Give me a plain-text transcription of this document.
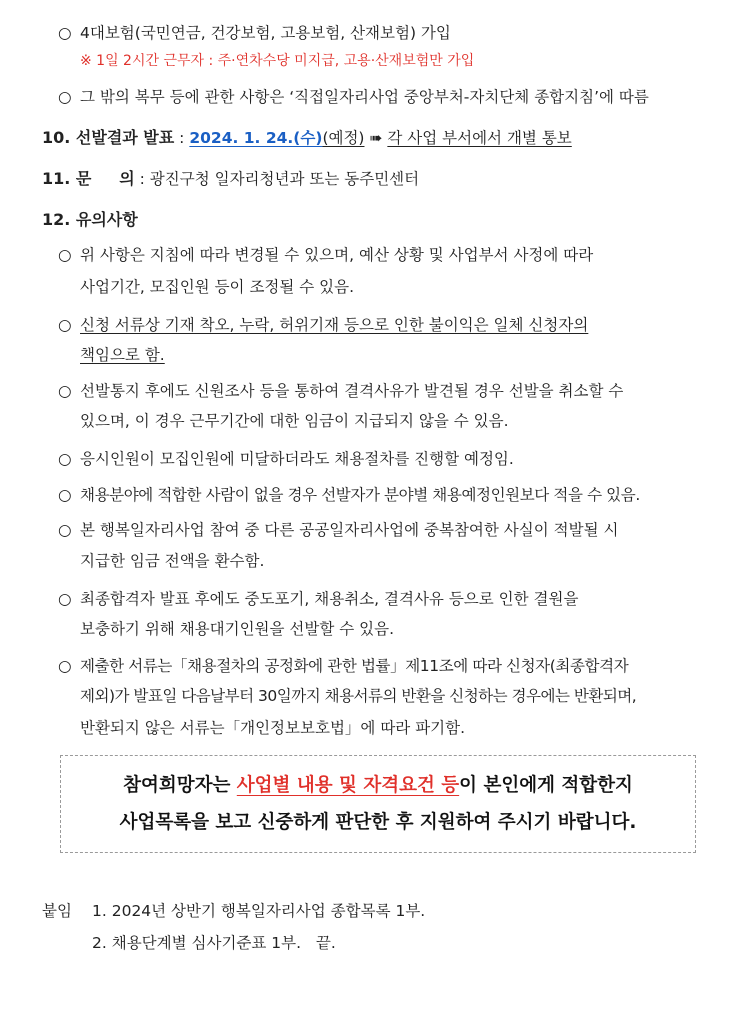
○ 4대보험(국민연금, 건강보험, 고용보험, 산재보험) 가입
※ 1일 2시간 근무자 : 주·연차수당 미지급, 고용·산재보험만 가입
○ 그 밖의 복무 등에 관한 사항은 ‘직접일자리사업 중앙부처-자치단체 종합지침’에 따름
10. 선발결과 발표 : 2024. 1. 24.(수)(예정) ➠ 각 사업 부서에서 개별 통보
11. 문     의 : 광진구청 일자리청년과 또는 동주민센터
12. 유의사항
○ 위 사항은 지침에 따라 변경될 수 있으며, 예산 상황 및 사업부서 사정에 따라
사업기간, 모집인원 등이 조정될 수 있음.
○ 신청 서류상 기재 착오, 누락, 허위기재 등으로 인한 불이익은 일체 신청자의
책임으로 함.
○ 선발통지 후에도 신원조사 등을 통하여 결격사유가 발견될 경우 선발을 취소할 수
있으며, 이 경우 근무기간에 대한 임금이 지급되지 않을 수 있음.
○ 응시인원이 모집인원에 미달하더라도 채용절차를 진행할 예정임.
○ 채용분야에 적합한 사람이 없을 경우 선발자가 분야별 채용예정인원보다 적을 수 있음.
○ 본 행복일자리사업 참여 중 다른 공공일자리사업에 중복참여한 사실이 적발될 시
지급한 임금 전액을 환수함.
○ 최종합격자 발표 후에도 중도포기, 채용취소, 결격사유 등으로 인한 결원을
보충하기 위해 채용대기인원을 선발할 수 있음.
○ 제출한 서류는「채용절차의 공정화에 관한 법률」제11조에 따라 신청자(최종합격자
제외)가 발표일 다음날부터 30일까지 채용서류의 반환을 신청하는 경우에는 반환되며,
반환되지 않은 서류는「개인정보보호법」에 따라 파기함.
참여희망자는 사업별 내용 및 자격요건 등이 본인에게 적합한지
사업목록을 보고 신중하게 판단한 후 지원하여 주시기 바랍니다.
붙임 1. 2024년 상반기 행복일자리사업 종합목록 1부.
2. 채용단계별 심사기준표 1부.   끝.
